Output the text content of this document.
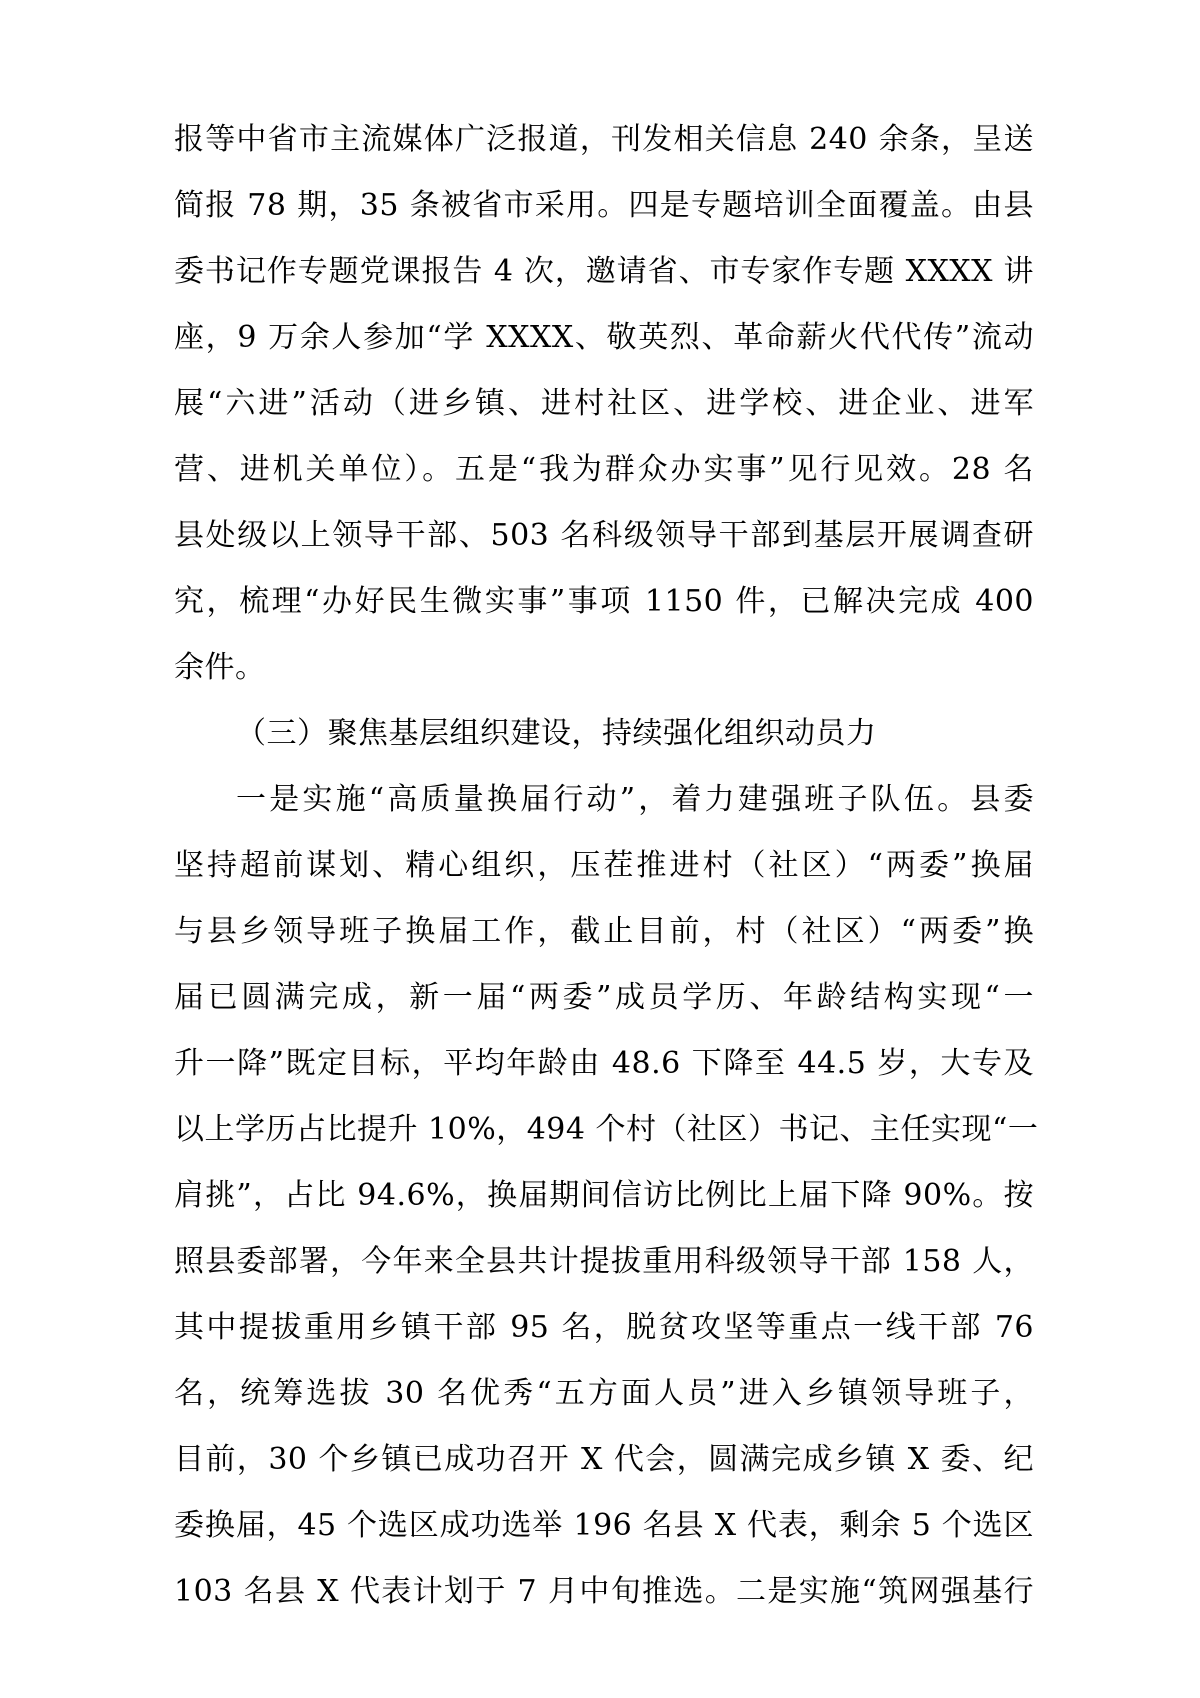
报等中省市主流媒体广泛报道，刊发相关信息 240 余条，呈送
简报 78 期，35 条被省市采用。四是专题培训全面覆盖。由县
委书记作专题党课报告 4 次，邀请省、市专家作专题 XXXX 讲
座，9 万余人参加“学 XXXX、敬英烈、革命薪火代代传”流动
展“六进”活动（进乡镇、进村社区、进学校、进企业、进军
营、进机关单位）。五是“我为群众办实事”见行见效。28 名
县处级以上领导干部、503 名科级领导干部到基层开展调查研
究，梳理“办好民生微实事”事项 1150 件，已解决完成 400
余件。
（三）聚焦基层组织建设，持续强化组织动员力
一是实施“高质量换届行动”，着力建强班子队伍。县委
坚持超前谋划、精心组织，压茬推进村（社区）“两委”换届
与县乡领导班子换届工作，截止目前，村（社区）“两委”换
届已圆满完成，新一届“两委”成员学历、年龄结构实现“一
升一降”既定目标，平均年龄由 48.6 下降至 44.5 岁，大专及
以上学历占比提升 10%，494 个村（社区）书记、主任实现“一
肩挑”，占比 94.6%，换届期间信访比例比上届下降 90%。按
照县委部署，今年来全县共计提拔重用科级领导干部 158 人，
其中提拔重用乡镇干部 95 名，脱贫攻坚等重点一线干部 76
名，统筹选拔 30 名优秀“五方面人员”进入乡镇领导班子，
目前，30 个乡镇已成功召开 X 代会，圆满完成乡镇 X 委、纪
委换届，45 个选区成功选举 196 名县 X 代表，剩余 5 个选区
103 名县 X 代表计划于 7 月中旬推选。二是实施“筑网强基行
